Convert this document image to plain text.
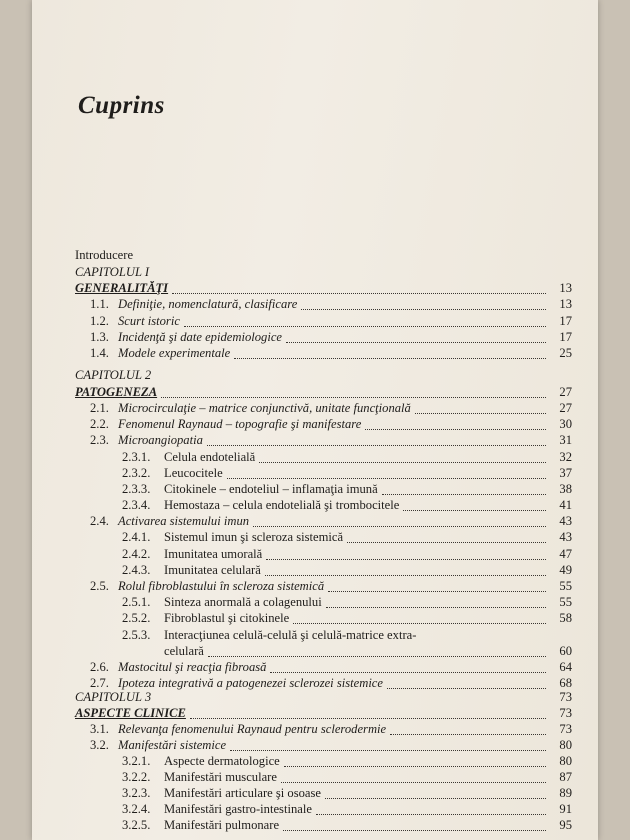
Cuprins
Introducere
CAPITOLUL I
GENERALITĂŢI	13
1.1. Definiţie, nomenclatură, clasificare	13
1.2. Scurt istoric	17
1.3. Incidenţă şi date epidemiologice	17
1.4. Modele experimentale	25
CAPITOLUL 2
PATOGENEZA	27
2.1. Microcirculaţie – matrice conjunctivă, unitate funcţională	27
2.2. Fenomenul Raynaud – topografie şi manifestare	30
2.3. Microangiopatia	31
2.3.1. Celula endotelială	32
2.3.2. Leucocitele	37
2.3.3. Citokinele – endoteliul – inflamaţia imună	38
2.3.4. Hemostaza – celula endotelială şi trombocitele	41
2.4. Activarea sistemului imun	43
2.4.1. Sistemul imun şi scleroza sistemică	43
2.4.2. Imunitatea umorală	47
2.4.3. Imunitatea celulară	49
2.5. Rolul fibroblastului în scleroza sistemică	55
2.5.1. Sinteza anormală a colagenului	55
2.5.2. Fibroblastul şi citokinele	58
2.5.3. Interacţiunea celulă-celulă şi celulă-matrice extra-
celulară	60
2.6. Mastocitul şi reacţia fibroasă	64
2.7. Ipoteza integrativă a patogenezei sclerozei sistemice	68
CAPITOLUL 3	73
ASPECTE CLINICE	73
3.1. Relevanţa fenomenului Raynaud pentru sclerodermie	73
3.2. Manifestări sistemice	80
3.2.1. Aspecte dermatologice	80
3.2.2. Manifestări musculare	87
3.2.3. Manifestări articulare şi osoase	89
3.2.4. Manifestări gastro-intestinale	91
3.2.5. Manifestări pulmonare	95
